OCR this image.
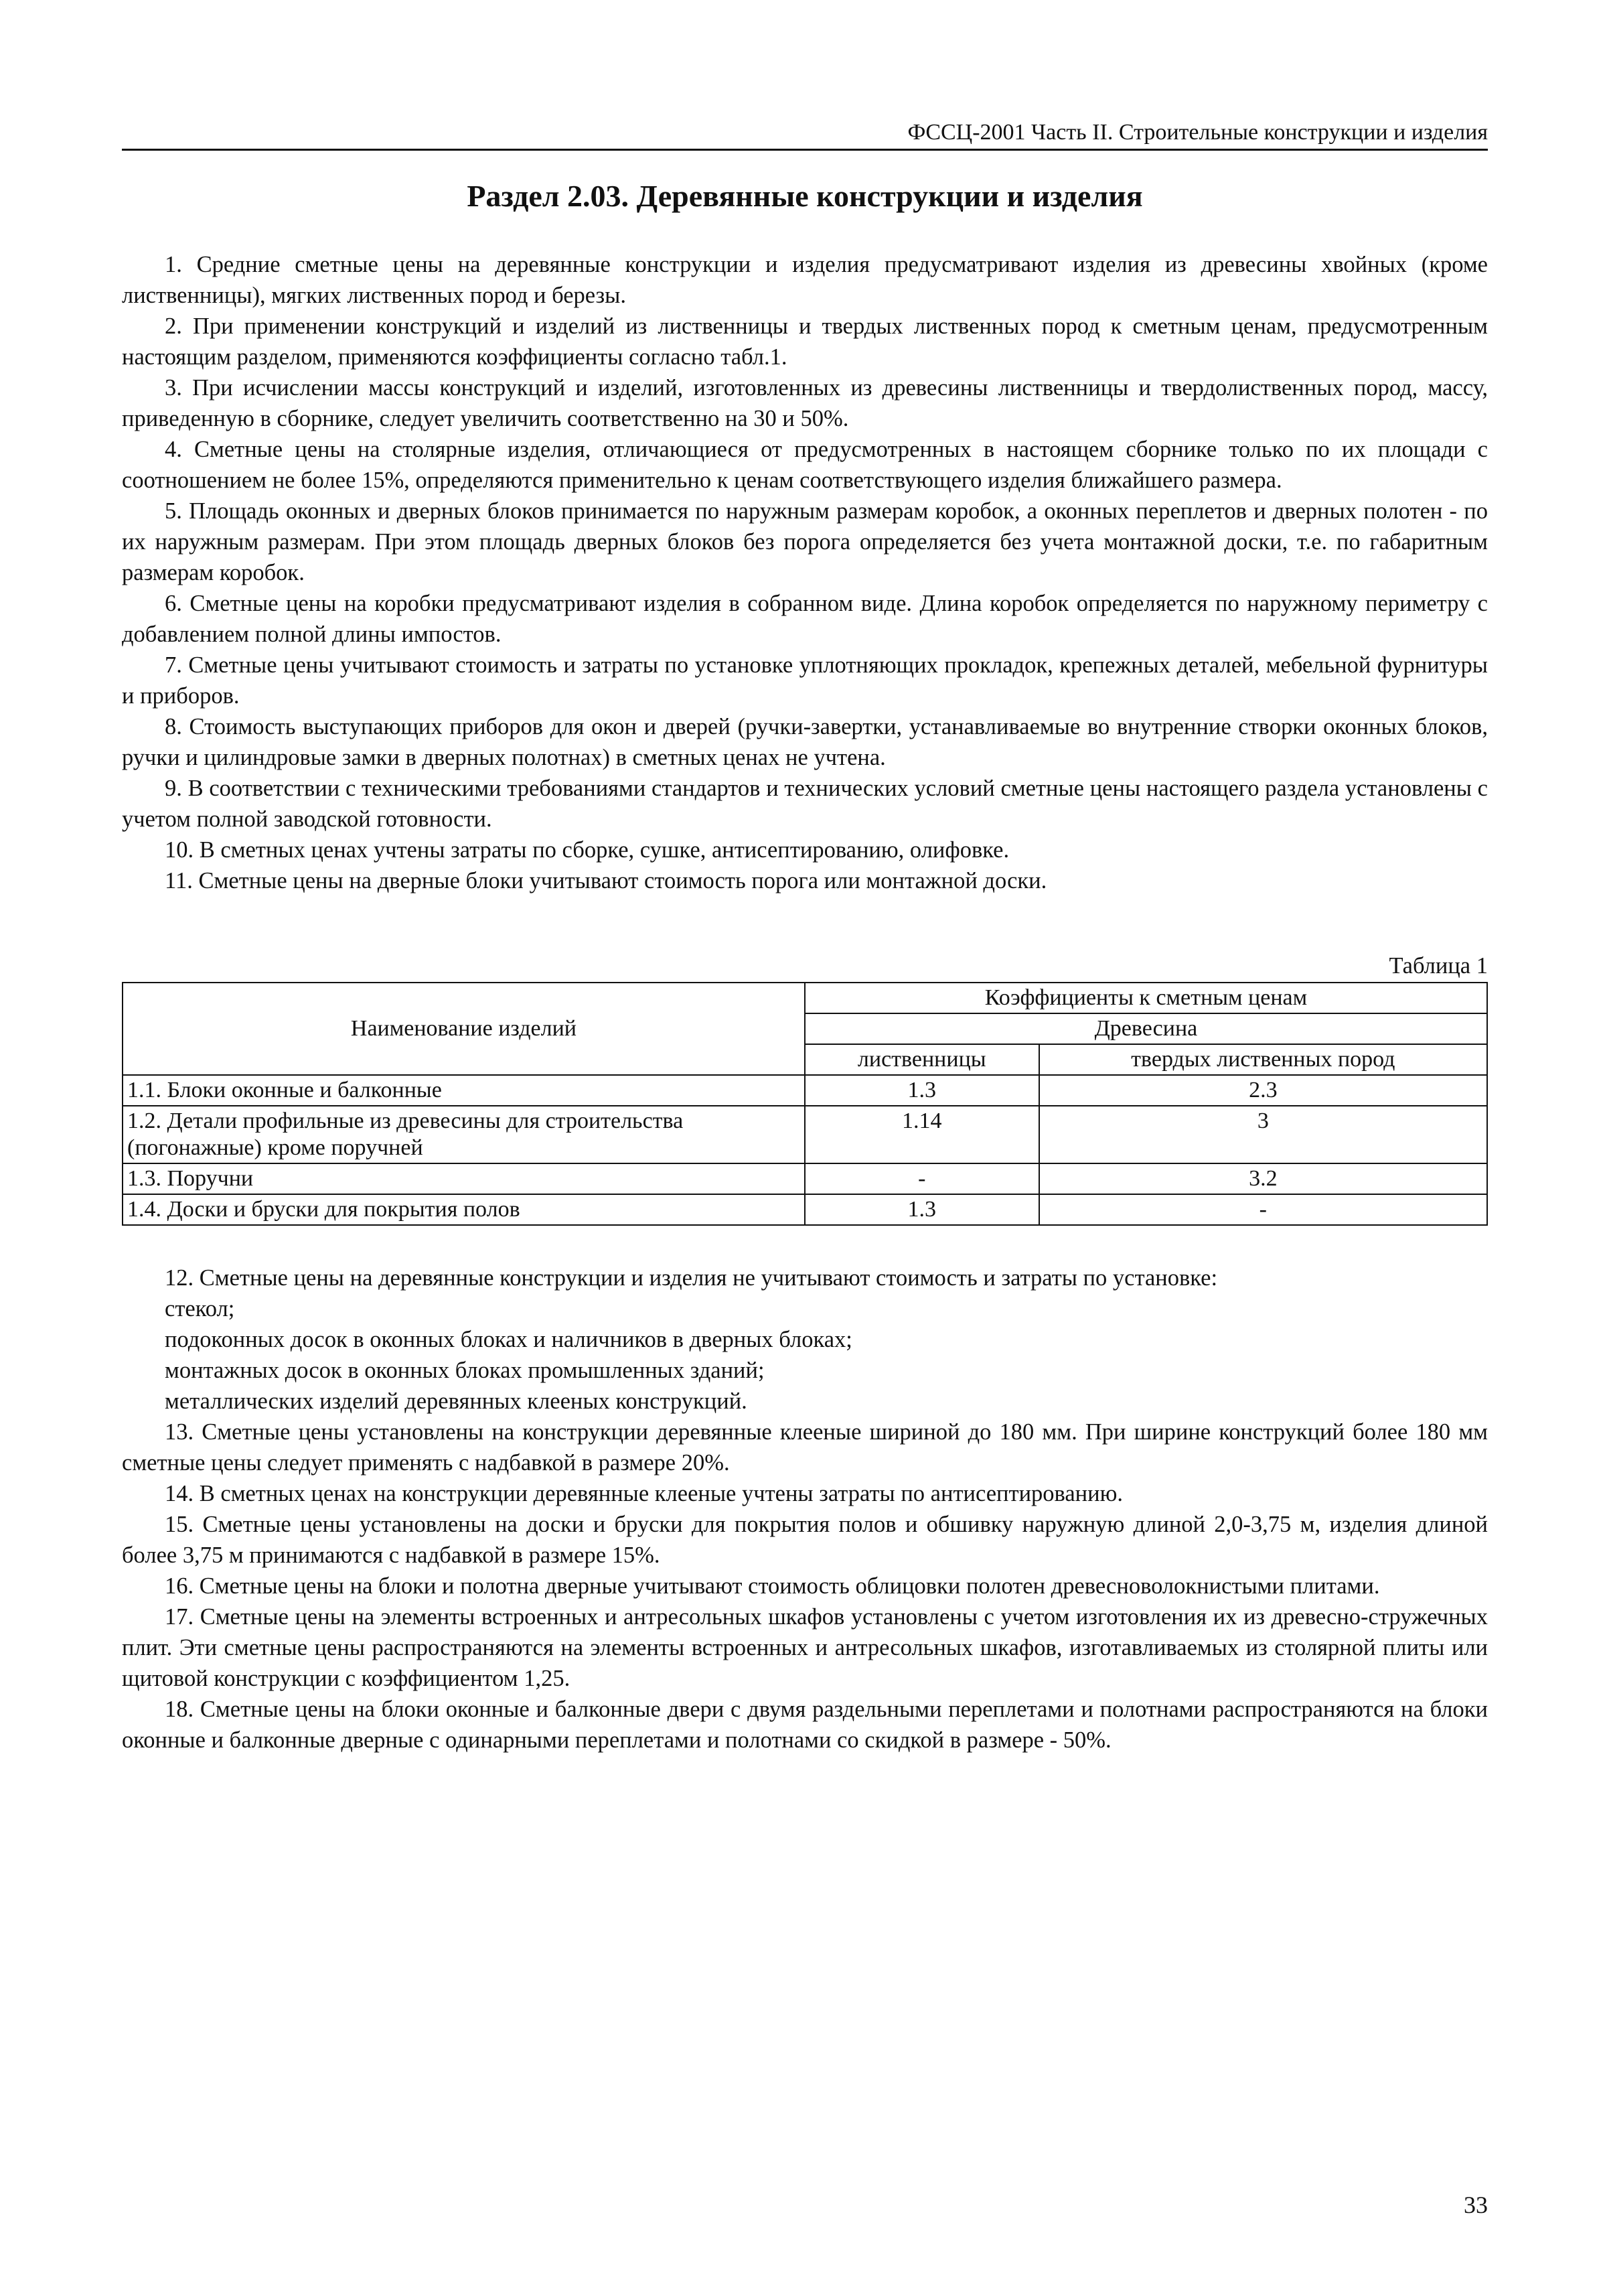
ФССЦ-2001 Часть II. Строительные конструкции и изделия
Раздел 2.03. Деревянные конструкции и изделия

1. Средние сметные цены на деревянные конструкции и изделия предусматривают изделия из древесины хвойных (кроме лиственницы), мягких лиственных пород и березы.

2. При применении конструкций и изделий из лиственницы и твердых лиственных пород к сметным ценам, предусмотренным настоящим разделом, применяются коэффициенты согласно табл.1.

3. При исчислении массы конструкций и изделий, изготовленных из древесины лиственницы и твердолиственных пород, массу, приведенную в сборнике, следует увеличить соответственно на 30 и 50%.

4. Сметные цены на столярные изделия, отличающиеся от предусмотренных в настоящем сборнике только по их площади с соотношением не более 15%, определяются применительно к ценам соответствующего изделия ближайшего размера.

5. Площадь оконных и дверных блоков принимается по наружным размерам коробок, а оконных переплетов и дверных полотен - по их наружным размерам. При этом площадь дверных блоков без порога определяется без учета монтажной доски, т.е. по габаритным размерам коробок.

6. Сметные цены на коробки предусматривают изделия в собранном виде. Длина коробок определяется по наружному периметру с добавлением полной длины импостов.

7. Сметные цены учитывают стоимость и затраты по установке уплотняющих прокладок, крепежных деталей, мебельной фурнитуры и приборов.

8. Стоимость выступающих приборов для окон и дверей (ручки-завертки, устанавливаемые во внутренние створки оконных блоков, ручки и цилиндровые замки в дверных полотнах) в сметных ценах не учтена.

9. В соответствии с техническими требованиями стандартов и технических условий сметные цены настоящего раздела установлены с учетом полной заводской готовности.

10. В сметных ценах учтены затраты по сборке, сушке, антисептированию, олифовке.

11. Сметные цены на дверные блоки учитывают стоимость порога или монтажной доски.

Таблица 1
Наименование изделий	Коэффициенты к сметным ценам	
	Древесина	
	лиственницы	твердых лиственных пород
1.1. Блоки оконные и балконные	1.3	2.3
1.2. Детали профильные из древесины для строительства (погонажные) кроме поручней	1.14	3
1.3. Поручни	-	3.2
1.4. Доски и бруски для покрытия полов	1.3	-

12. Сметные цены на деревянные конструкции и изделия не учитывают стоимость и затраты по установке:

стекол;

подоконных досок в оконных блоках и наличников в дверных блоках;

монтажных досок в оконных блоках промышленных зданий;

металлических изделий деревянных клееных конструкций.

13. Сметные цены установлены на конструкции деревянные клееные шириной до 180 мм. При ширине конструкций более 180 мм сметные цены следует применять с надбавкой в размере 20%.

14. В сметных ценах на конструкции деревянные клееные учтены затраты по антисептированию.

15. Сметные цены установлены на доски и бруски для покрытия полов и обшивку наружную длиной 2,0-3,75 м, изделия длиной более 3,75 м принимаются с надбавкой в размере 15%.

16. Сметные цены на блоки и полотна дверные учитывают стоимость облицовки полотен древесноволокнистыми плитами.

17. Сметные цены на элементы встроенных и антресольных шкафов установлены с учетом изготовления их из древесно-стружечных плит. Эти сметные цены распространяются на элементы встроенных и антресольных шкафов, изготавливаемых из столярной плиты или щитовой конструкции с коэффициентом 1,25.

18. Сметные цены на блоки оконные и балконные двери с двумя раздельными переплетами и полотнами распространяются на блоки оконные и балконные дверные с одинарными переплетами и полотнами со скидкой в размере - 50%.

33
